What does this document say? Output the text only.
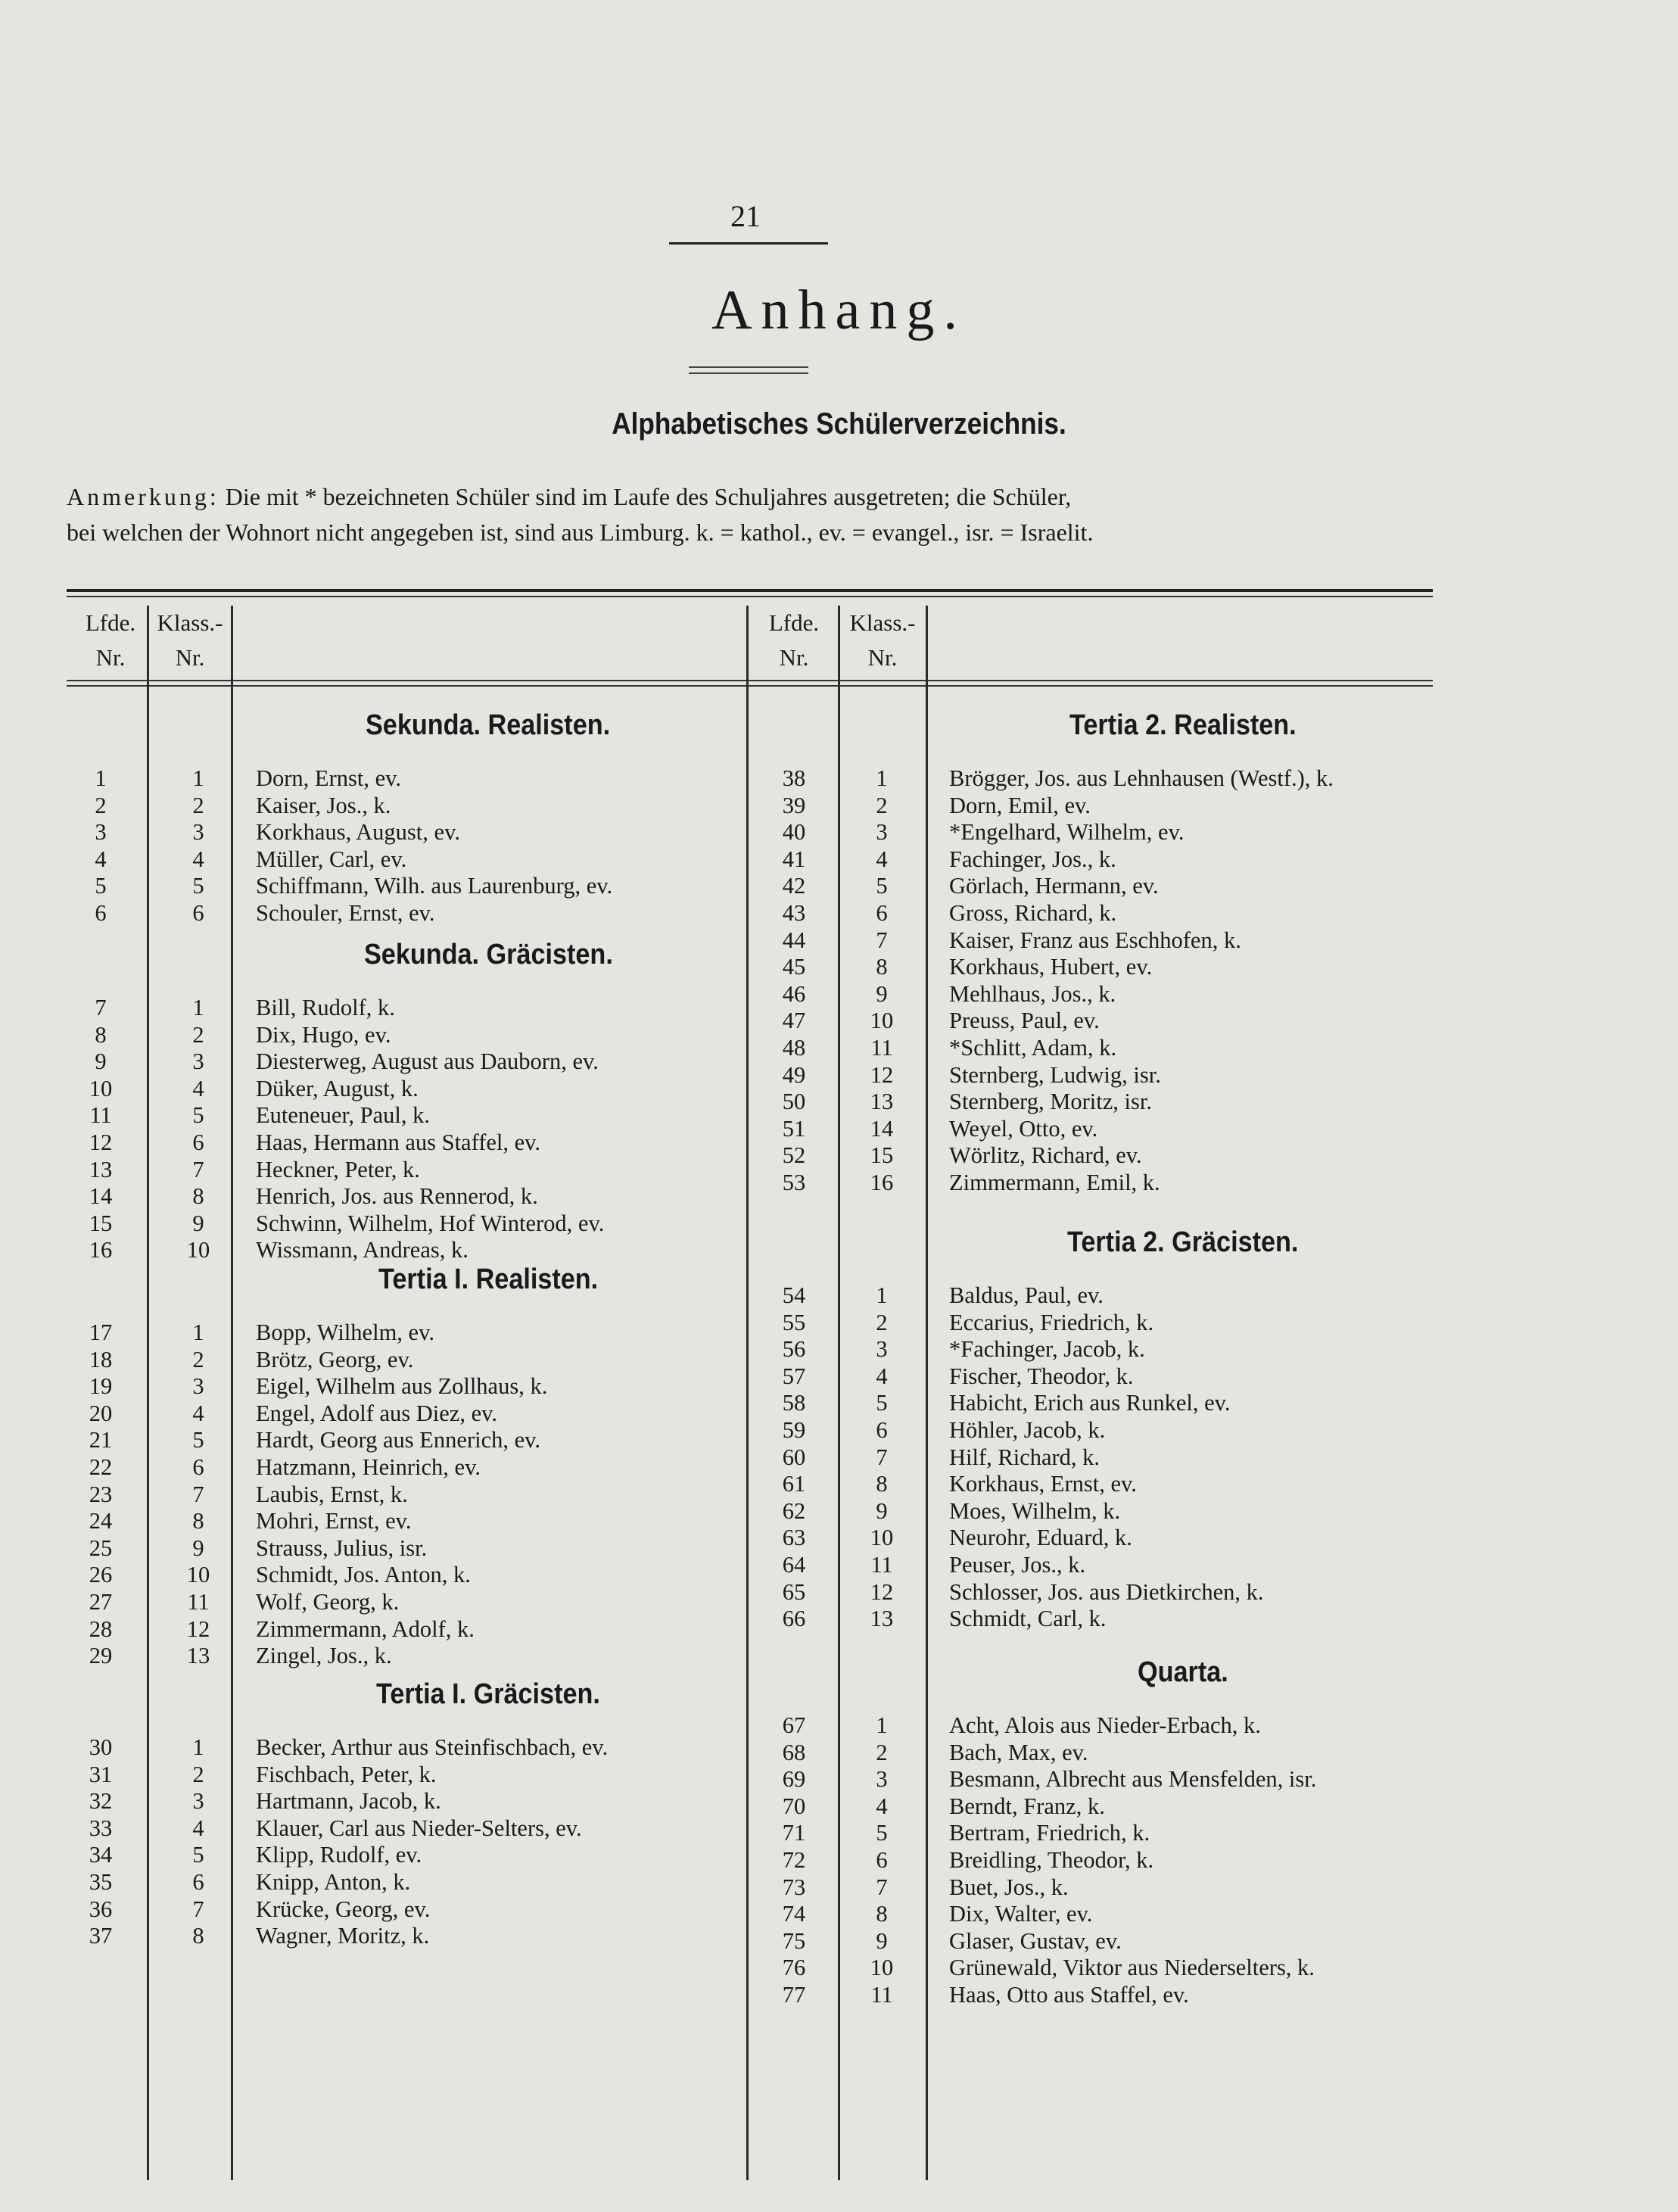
21
Anhang.
Alphabetisches Schülerverzeichnis.
Anmerkung: Die mit * bezeichneten Schüler sind im Laufe des Schuljahres ausgetreten; die Schüler,
bei welchen der Wohnort nicht angegeben ist, sind aus Limburg. k. = kathol., ev. = evangel., isr. = Israelit.
Lfde.
Nr.
Klass.-
Nr.
Lfde.
Nr.
Klass.-
Nr.
Sekunda. Realisten.
1	1	Dorn, Ernst, ev.
2	2	Kaiser, Jos., k.
3	3	Korkhaus, August, ev.
4	4	Müller, Carl, ev.
5	5	Schiffmann, Wilh. aus Laurenburg, ev.
6	6	Schouler, Ernst, ev.
Sekunda. Gräcisten.
7	1	Bill, Rudolf, k.
8	2	Dix, Hugo, ev.
9	3	Diesterweg, August aus Dauborn, ev.
10	4	Düker, August, k.
11	5	Euteneuer, Paul, k.
12	6	Haas, Hermann aus Staffel, ev.
13	7	Heckner, Peter, k.
14	8	Henrich, Jos. aus Rennerod, k.
15	9	Schwinn, Wilhelm, Hof Winterod, ev.
16	10	Wissmann, Andreas, k.
Tertia I. Realisten.
17	1	Bopp, Wilhelm, ev.
18	2	Brötz, Georg, ev.
19	3	Eigel, Wilhelm aus Zollhaus, k.
20	4	Engel, Adolf aus Diez, ev.
21	5	Hardt, Georg aus Ennerich, ev.
22	6	Hatzmann, Heinrich, ev.
23	7	Laubis, Ernst, k.
24	8	Mohri, Ernst, ev.
25	9	Strauss, Julius, isr.
26	10	Schmidt, Jos. Anton, k.
27	11	Wolf, Georg, k.
28	12	Zimmermann, Adolf, k.
29	13	Zingel, Jos., k.
Tertia I. Gräcisten.
30	1	Becker, Arthur aus Steinfischbach, ev.
31	2	Fischbach, Peter, k.
32	3	Hartmann, Jacob, k.
33	4	Klauer, Carl aus Nieder-Selters, ev.
34	5	Klipp, Rudolf, ev.
35	6	Knipp, Anton, k.
36	7	Krücke, Georg, ev.
37	8	Wagner, Moritz, k.
Tertia 2. Realisten.
38	1	Brögger, Jos. aus Lehnhausen (Westf.), k.
39	2	Dorn, Emil, ev.
40	3	*Engelhard, Wilhelm, ev.
41	4	Fachinger, Jos., k.
42	5	Görlach, Hermann, ev.
43	6	Gross, Richard, k.
44	7	Kaiser, Franz aus Eschhofen, k.
45	8	Korkhaus, Hubert, ev.
46	9	Mehlhaus, Jos., k.
47	10	Preuss, Paul, ev.
48	11	*Schlitt, Adam, k.
49	12	Sternberg, Ludwig, isr.
50	13	Sternberg, Moritz, isr.
51	14	Weyel, Otto, ev.
52	15	Wörlitz, Richard, ev.
53	16	Zimmermann, Emil, k.
Tertia 2. Gräcisten.
54	1	Baldus, Paul, ev.
55	2	Eccarius, Friedrich, k.
56	3	*Fachinger, Jacob, k.
57	4	Fischer, Theodor, k.
58	5	Habicht, Erich aus Runkel, ev.
59	6	Höhler, Jacob, k.
60	7	Hilf, Richard, k.
61	8	Korkhaus, Ernst, ev.
62	9	Moes, Wilhelm, k.
63	10	Neurohr, Eduard, k.
64	11	Peuser, Jos., k.
65	12	Schlosser, Jos. aus Dietkirchen, k.
66	13	Schmidt, Carl, k.
Quarta.
67	1	Acht, Alois aus Nieder-Erbach, k.
68	2	Bach, Max, ev.
69	3	Besmann, Albrecht aus Mensfelden, isr.
70	4	Berndt, Franz, k.
71	5	Bertram, Friedrich, k.
72	6	Breidling, Theodor, k.
73	7	Buet, Jos., k.
74	8	Dix, Walter, ev.
75	9	Glaser, Gustav, ev.
76	10	Grünewald, Viktor aus Niederselters, k.
77	11	Haas, Otto aus Staffel, ev.
